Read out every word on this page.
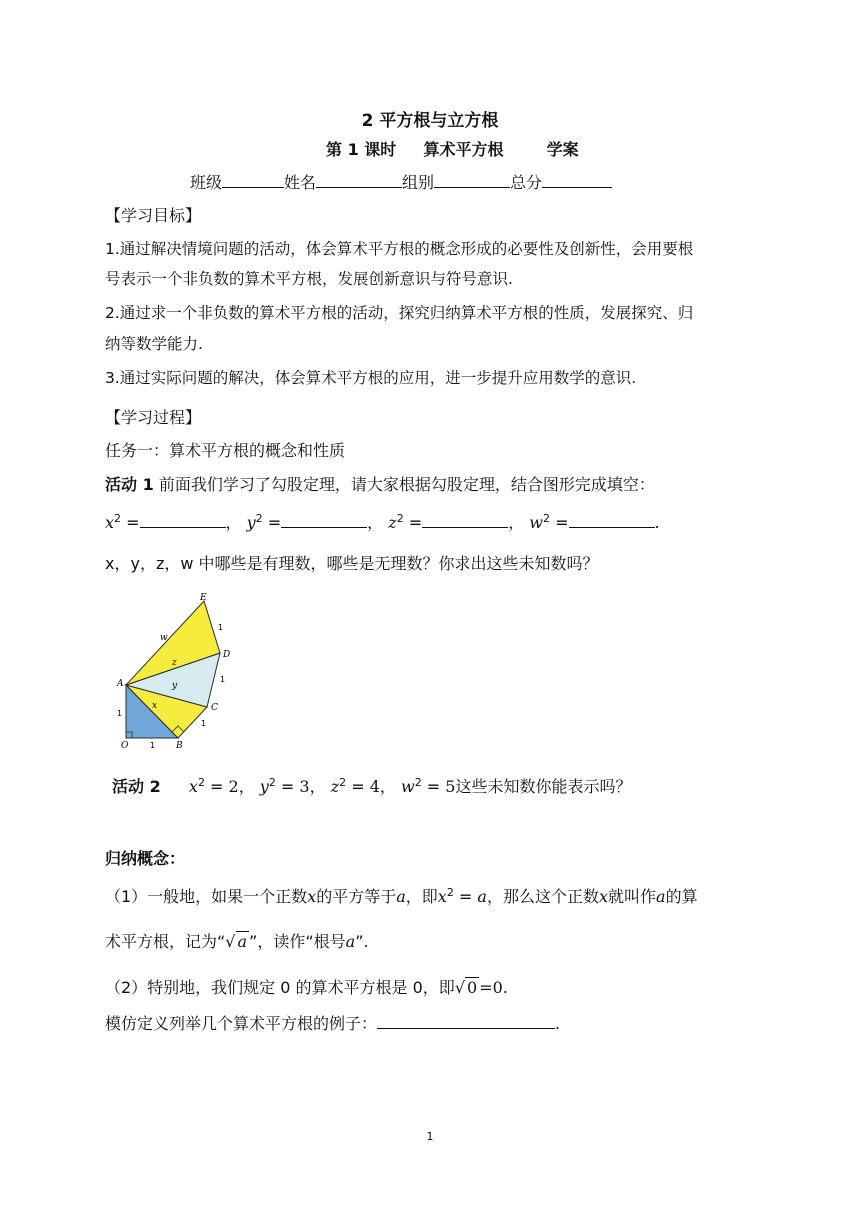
2 平方根与立方根
第 1 课时 算术平方根	学案
班级	姓名	组别	总分
【学习目标】
1.通过解决情境问题的活动，体会算术平方根的概念形成的必要性及创新性，会用要根
号表示一个非负数的算术平方根，发展创新意识与符号意识.
2.通过求一个非负数的算术平方根的活动，探究归纳算术平方根的性质，发展探究、归
纳等数学能力.
3.通过实际问题的解决，体会算术平方根的应用，进一步提升应用数学的意识.
【学习过程】
任务一：算术平方根的概念和性质
活动 1 前面我们学习了勾股定理，请大家根据勾股定理，结合图形完成填空：
$x^2$ =	， $y^2$ =	， $z^2$ =	， $w^2$ =	.
x，y，z，w 中哪些是有理数，哪些是无理数？你求出这些未知数吗？
E
D
C
B
A
O
w
z
y
x
1
1
1
1
1
活动 2 $x^2 = 2$， $y^2 = 3$， $z^2 = 4$， $w^2 = 5$这些未知数你能表示吗？
归纳概念：
（1）一般地，如果一个正数x的平方等于a，即$x^2 = a$，那么这个正数x就叫作a的算
术平方根，记为“√ a ”，读作“根号a”.
（2）特别地，我们规定 0 的算术平方根是 0，即√ 0 =0.
模仿定义列举几个算术平方根的例子：	.
1
